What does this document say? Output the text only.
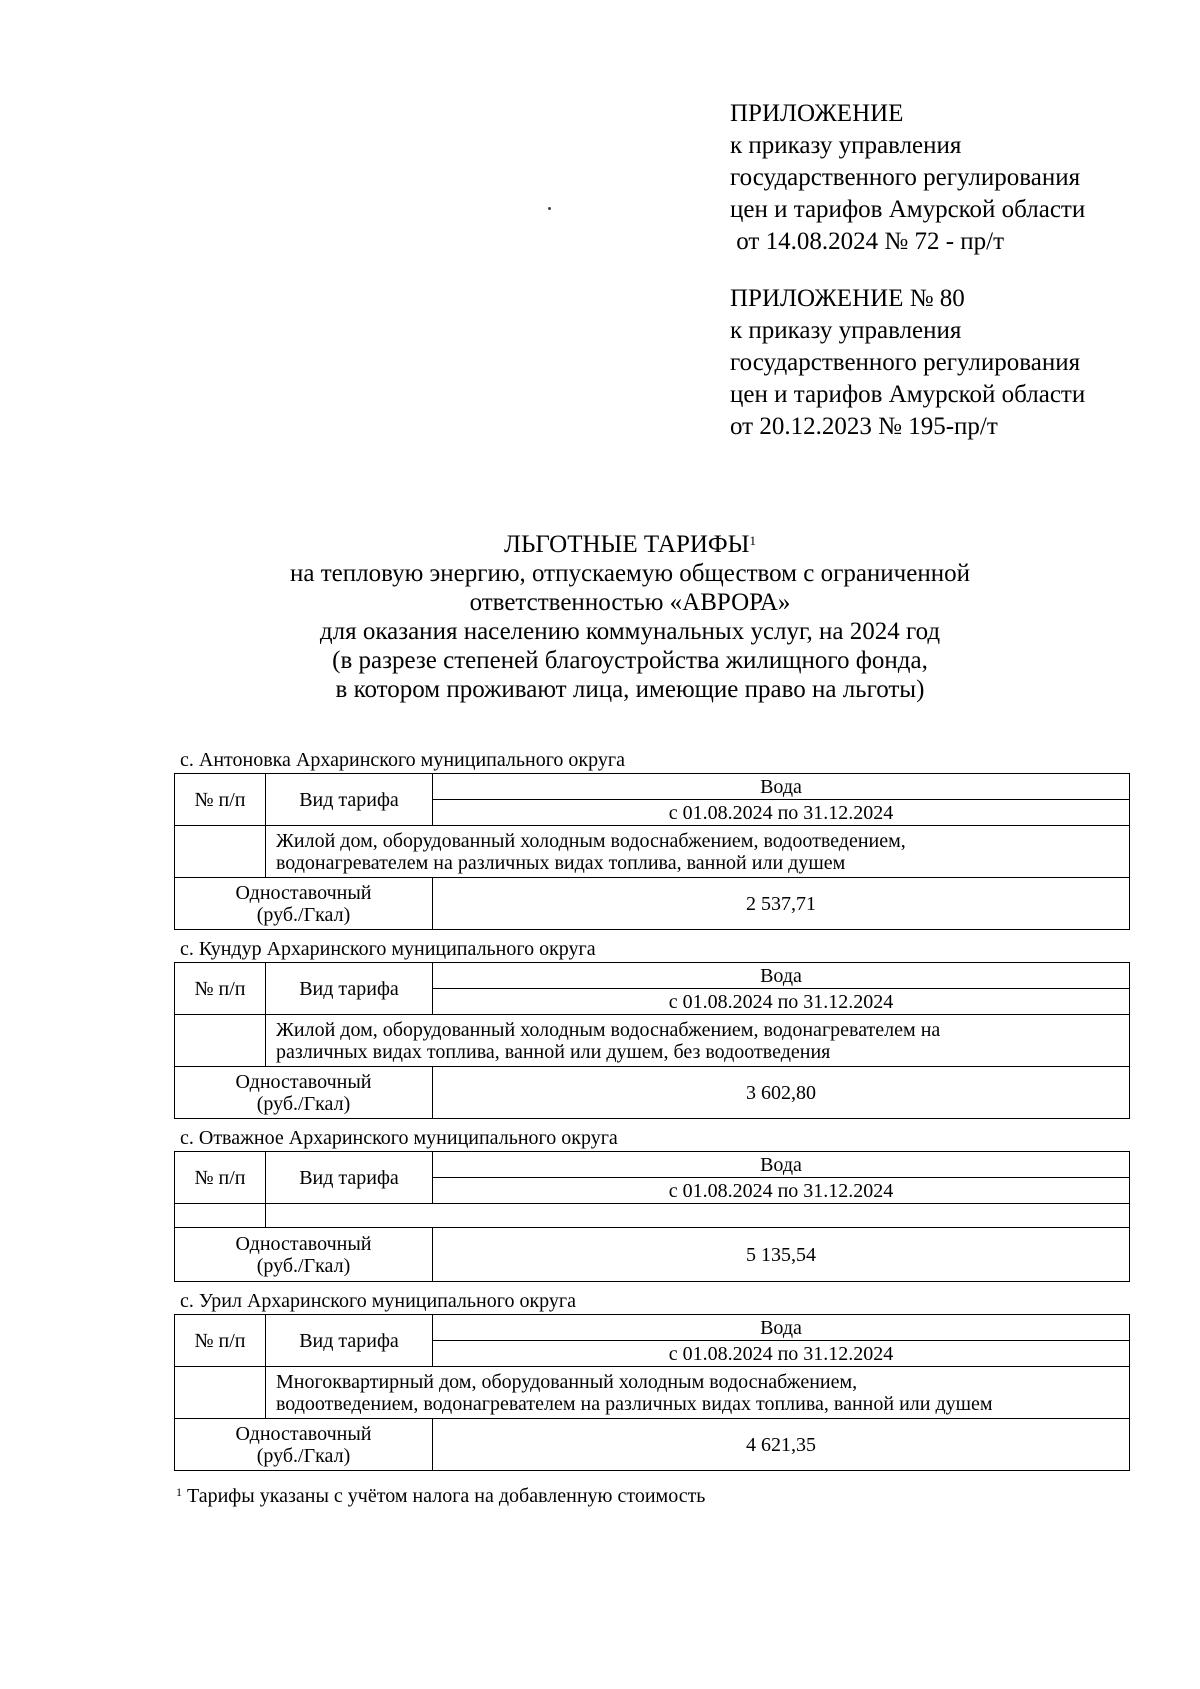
ПРИЛОЖЕНИЕ
к приказу управления
государственного регулирования
цен и тарифов Амурской области
от 14.08.2024 № 72 - пр/т
ПРИЛОЖЕНИЕ № 80
к приказу управления
государственного регулирования
цен и тарифов Амурской области
от 20.12.2023 № 195-пр/т
ЛЬГОТНЫЕ ТАРИФЫ$^1$
на тепловую энергию, отпускаемую обществом с ограниченной
ответственностью «АВРОРА»
для оказания населению коммунальных услуг, на 2024 год
(в разрезе степеней благоустройства жилищного фонда,
в котором проживают лица, имеющие право на льготы)
с. Антоновка Архаринского муниципального округа
№ п/п	Вид тарифа	Вода
		с 01.08.2024 по 31.12.2024

	Жилой дом, оборудованный холодным водоснабжением, водоотведением,
водонагревателем на различных видах топлива, ванной или душем	

Одноставочный
(руб./Гкал)		2 537,71
с. Кундур Архаринского муниципального округа
№ п/п	Вид тарифа	Вода
		с 01.08.2024 по 31.12.2024

	Жилой дом, оборудованный холодным водоснабжением, водонагревателем на
различных видах топлива, ванной или душем, без водоотведения	

Одноставочный
(руб./Гкал)		3 602,80
с. Отважное Архаринского муниципального округа
№ п/п	Вид тарифа	Вода
		с 01.08.2024 по 31.12.2024

Одноставочный
(руб./Гкал)		5 135,54
с. Урил Архаринского муниципального округа
№ п/п	Вид тарифа	Вода
		с 01.08.2024 по 31.12.2024

	Многоквартирный дом, оборудованный холодным водоснабжением,
водоотведением, водонагревателем на различных видах топлива, ванной или душем	

Одноставочный
(руб./Гкал)		4 621,35
$^1$ Тарифы указаны с учётом налога на добавленную стоимость
